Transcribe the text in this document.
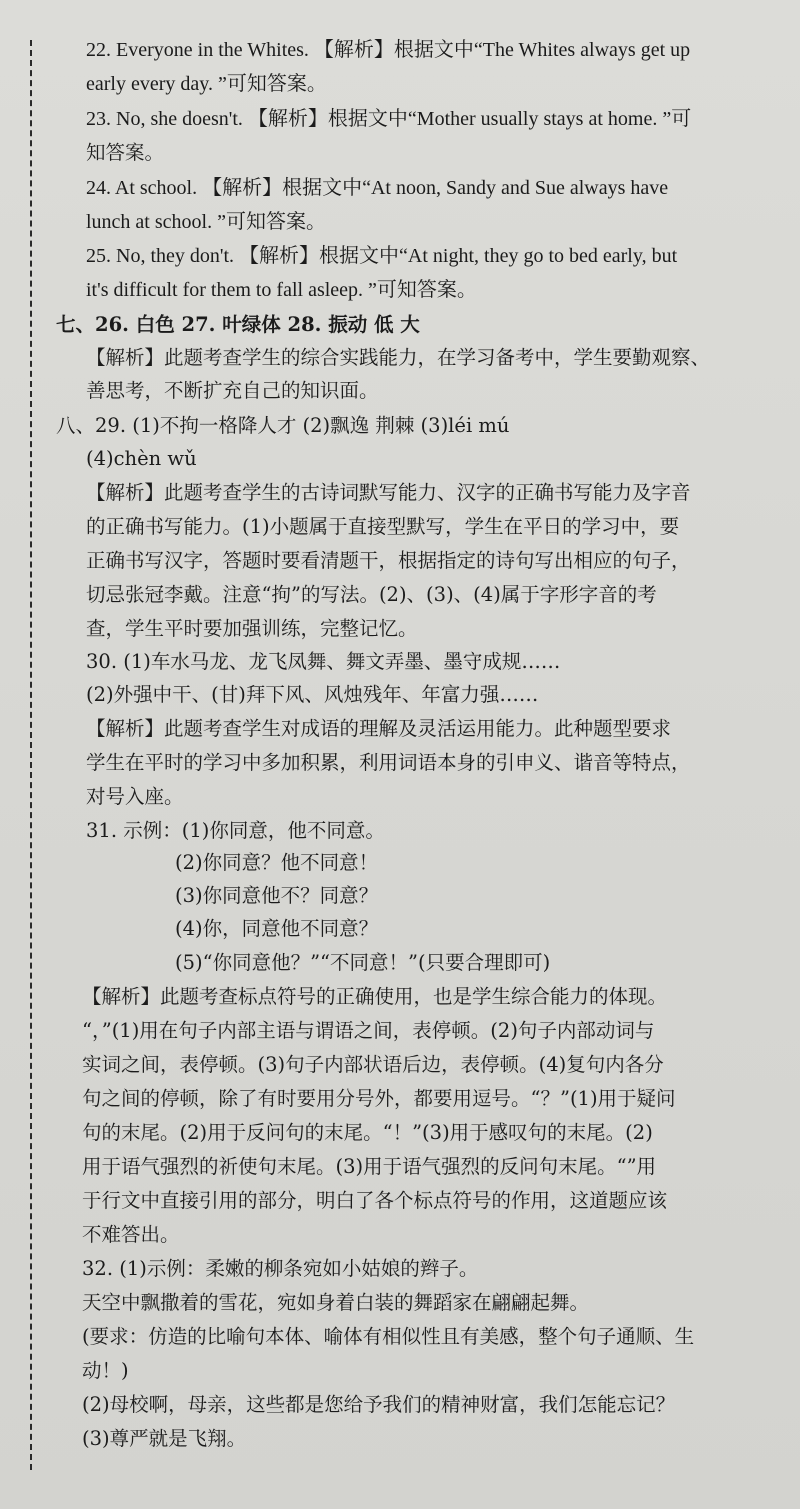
22. Everyone in the Whites. 【解析】根据文中“The Whites always get up
early every day. ”可知答案。
23. No, she doesn't. 【解析】根据文中“Mother usually stays at home. ”可
知答案。
24. At school. 【解析】根据文中“At noon, Sandy and Sue always have
lunch at school. ”可知答案。
25. No, they don't. 【解析】根据文中“At night, they go to bed early, but
it's difficult for them to fall asleep. ”可知答案。
七、26. 白色 27. 叶绿体 28. 振动 低 大
【解析】此题考查学生的综合实践能力，在学习备考中，学生要勤观察、
善思考，不断扩充自己的知识面。
八、29. (1)不拘一格降人才 (2)飘逸 荆棘 (3)léi mú
(4)chèn wǔ
【解析】此题考查学生的古诗词默写能力、汉字的正确书写能力及字音
的正确书写能力。(1)小题属于直接型默写，学生在平日的学习中，要
正确书写汉字，答题时要看清题干，根据指定的诗句写出相应的句子，
切忌张冠李戴。注意“拘”的写法。(2)、(3)、(4)属于字形字音的考
查，学生平时要加强训练，完整记忆。
30. (1)车水马龙、龙飞凤舞、舞文弄墨、墨守成规……
(2)外强中干、(甘)拜下风、风烛残年、年富力强……
【解析】此题考查学生对成语的理解及灵活运用能力。此种题型要求
学生在平时的学习中多加积累，利用词语本身的引申义、谐音等特点，
对号入座。
31. 示例：(1)你同意，他不同意。
(2)你同意？他不同意！
(3)你同意他不？同意？
(4)你，同意他不同意？
(5)“你同意他？”“不同意！”(只要合理即可)
【解析】此题考查标点符号的正确使用，也是学生综合能力的体现。
“，”(1)用在句子内部主语与谓语之间，表停顿。(2)句子内部动词与
实词之间，表停顿。(3)句子内部状语后边，表停顿。(4)复句内各分
句之间的停顿，除了有时要用分号外，都要用逗号。“？”(1)用于疑问
句的末尾。(2)用于反问句的末尾。“！”(3)用于感叹句的末尾。(2)
用于语气强烈的祈使句末尾。(3)用于语气强烈的反问句末尾。“”用
于行文中直接引用的部分，明白了各个标点符号的作用，这道题应该
不难答出。
32. (1)示例：柔嫩的柳条宛如小姑娘的辫子。
天空中飘撒着的雪花，宛如身着白装的舞蹈家在翩翩起舞。
(要求：仿造的比喻句本体、喻体有相似性且有美感，整个句子通顺、生
动！)
(2)母校啊，母亲，这些都是您给予我们的精神财富，我们怎能忘记？
(3)尊严就是飞翔。
